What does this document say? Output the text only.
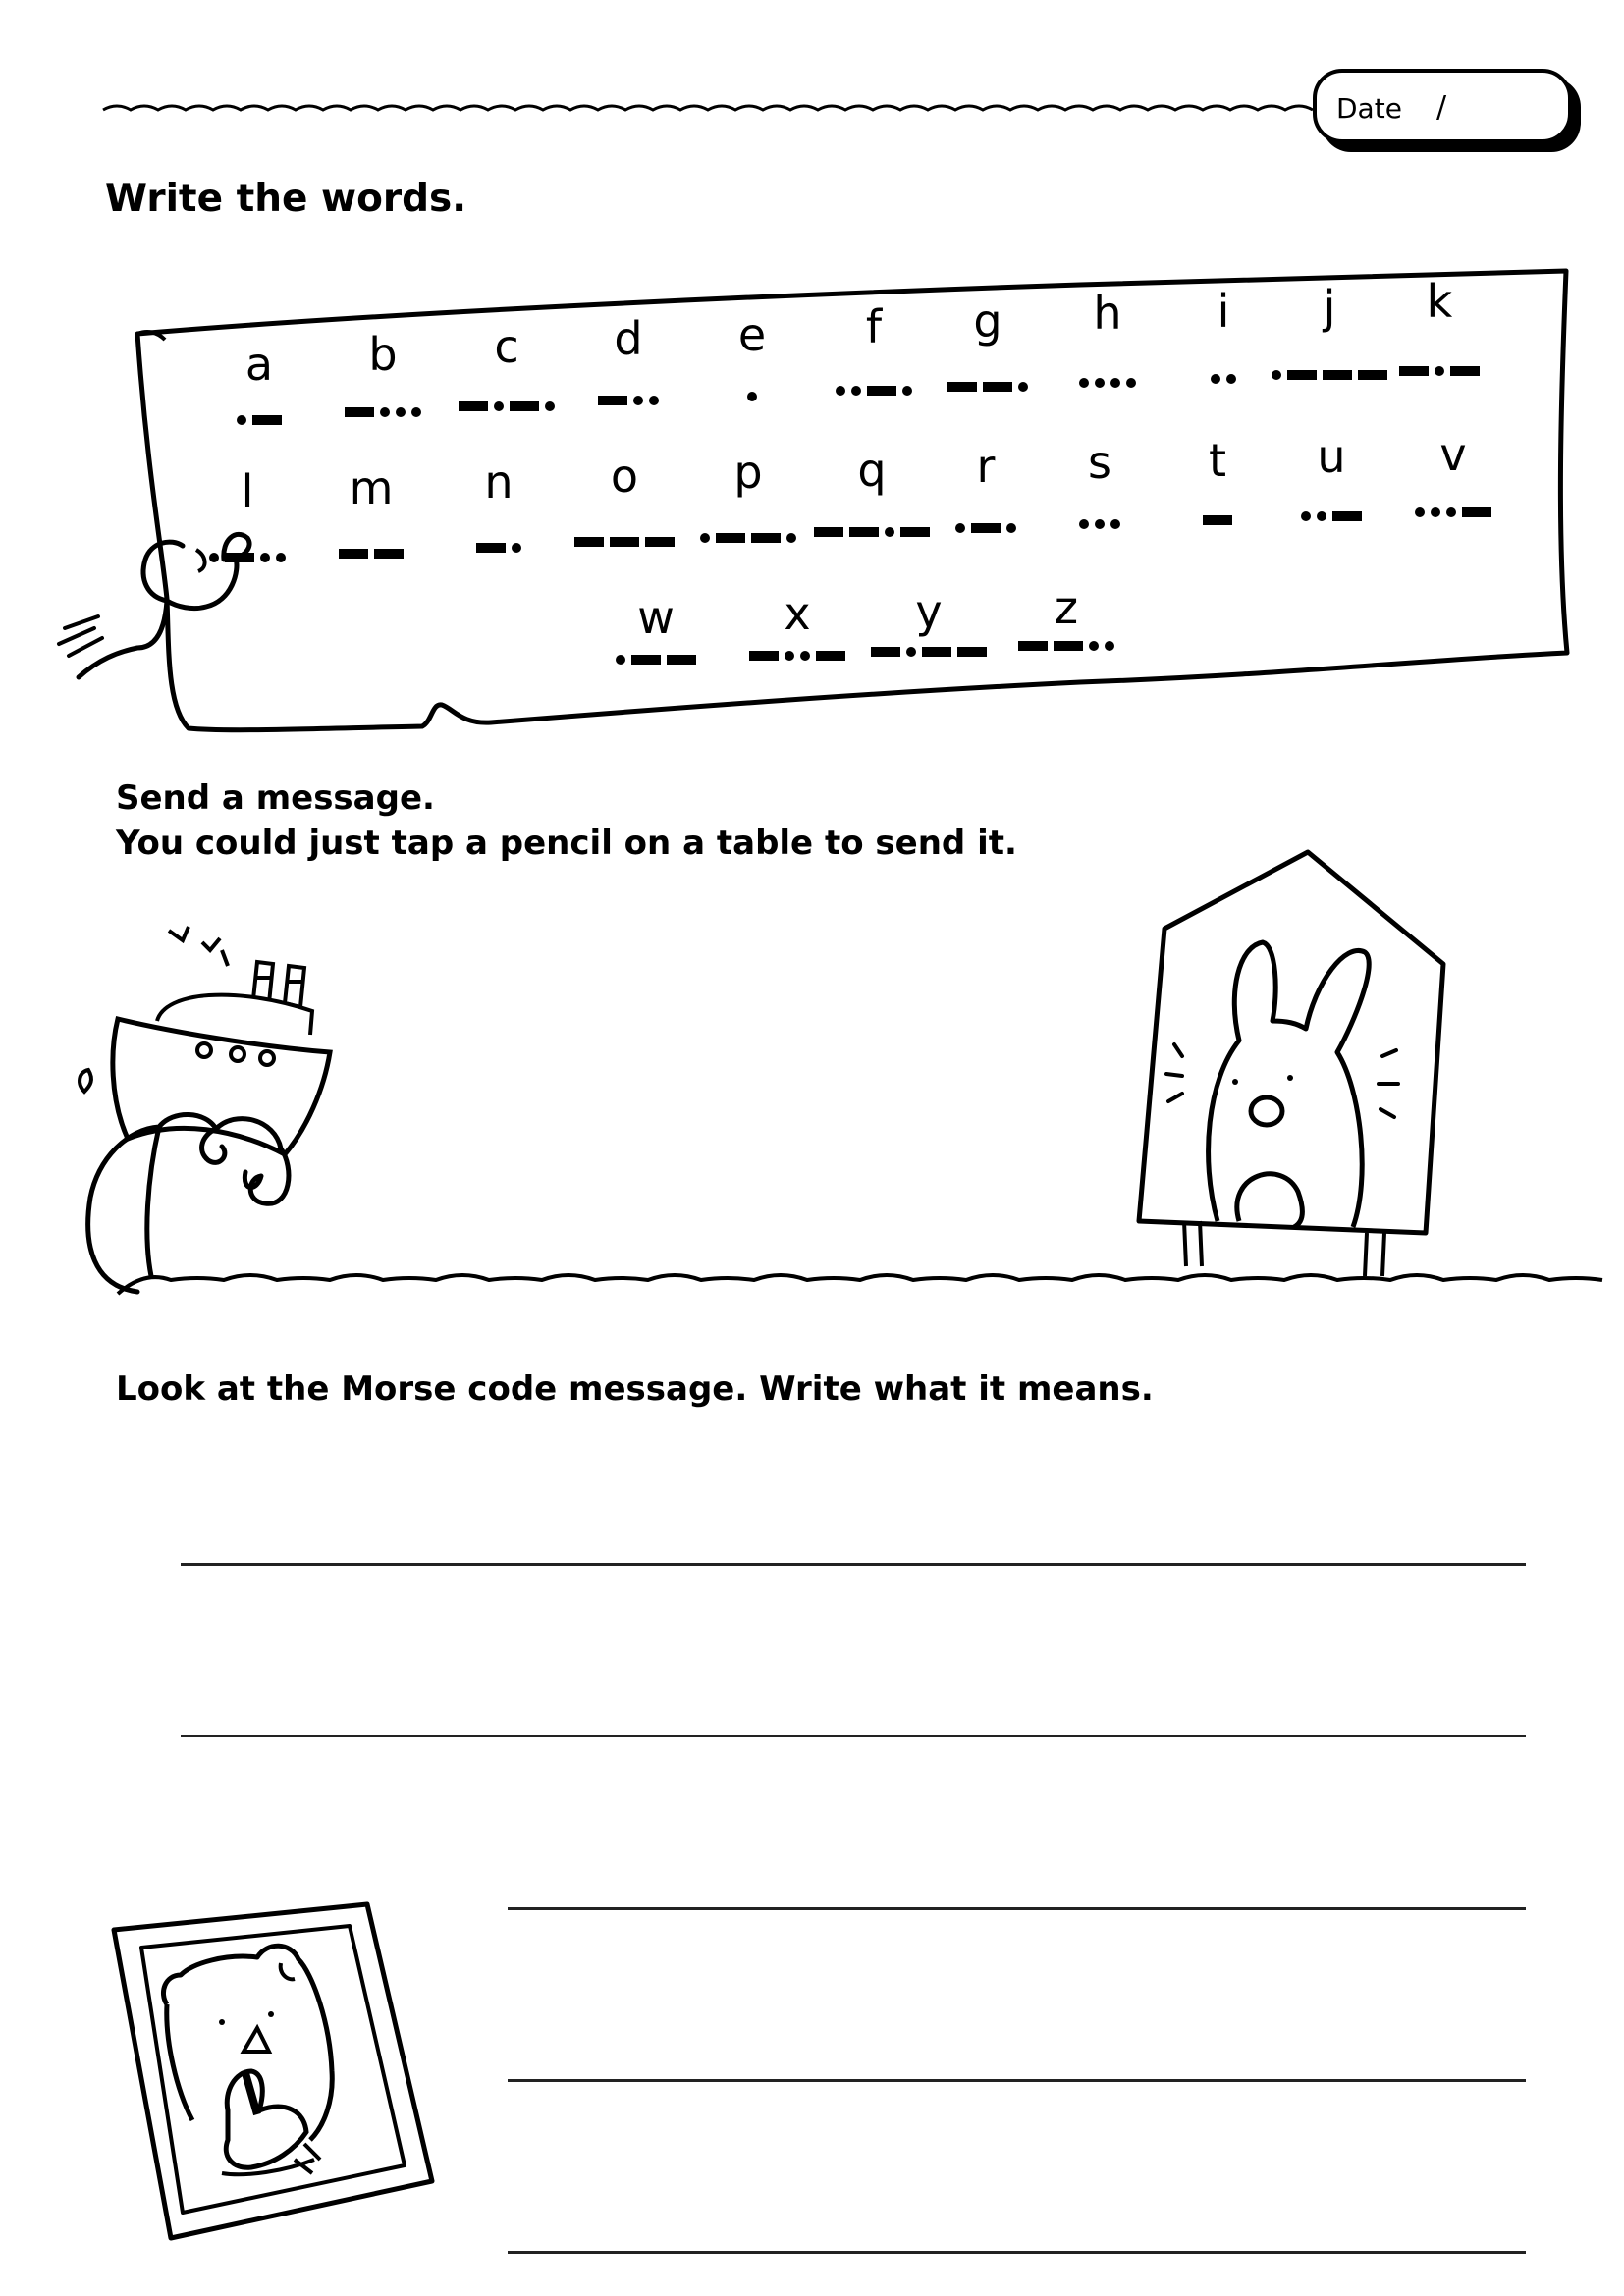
Date /
Write the words.
a b c d e f g h i j k
l m n o p q r s t u v
w x y z
Send a message.
You could just tap a pencil on a table to send it.
Look at the Morse code message. Write what it means.
